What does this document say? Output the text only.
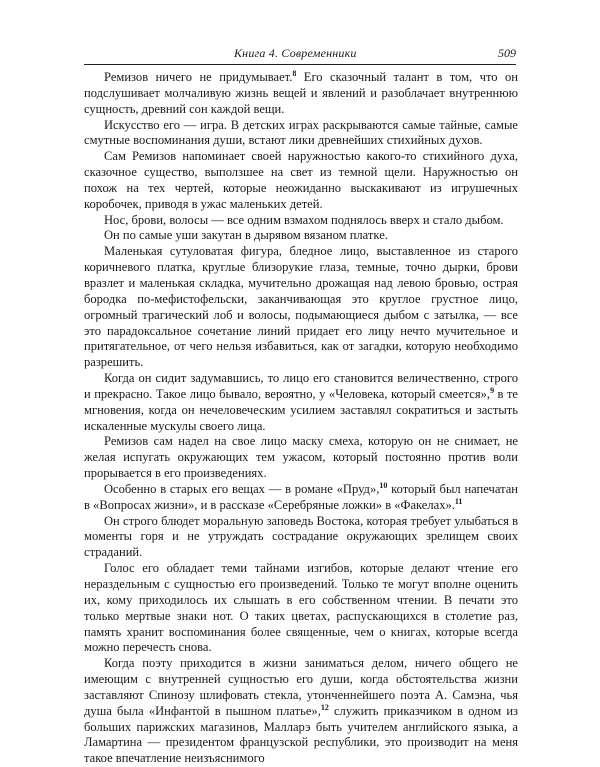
Книга 4. Современники	509

Ремизов ничего не придумывает.$^8$ Его сказочный талант в том, что он подслушивает молчаливую жизнь вещей и явлений и разоблачает внутреннюю сущность, древний сон каждой вещи.

Искусство его — игра. В детских играх раскрываются самые тайные, самые смутные воспоминания души, встают лики древнейших стихийных духов.

Сам Ремизов напоминает своей наружностью какого-то стихийного духа, сказочное существо, выползшее на свет из темной щели. Наружностью он похож на тех чертей, которые неожиданно выскакивают из игрушечных коробочек, приводя в ужас маленьких детей.

Нос, брови, волосы — все одним взмахом поднялось вверх и стало дыбом.

Он по самые уши закутан в дырявом вязаном платке.

Маленькая сутуловатая фигура, бледное лицо, выставленное из старого коричневого платка, круглые близорукие глаза, темные, точно дырки, брови вразлет и маленькая складка, мучительно дрожащая над левою бровью, острая бородка по-мефистофельски, заканчивающая это круглое грустное лицо, огромный трагический лоб и волосы, подымающиеся дыбом с затылка, — все это парадоксальное сочетание линий придает его лицу нечто мучительное и притягательное, от чего нельзя избавиться, как от загадки, которую необходимо разрешить.

Когда он сидит задумавшись, то лицо его становится величественно, строго и прекрасно. Такое лицо бывало, вероятно, у «Человека, который смеется»,$^9$ в те мгновения, когда он нечеловеческим усилием заставлял сократиться и застыть искаленные мускулы своего лица.

Ремизов сам надел на свое лицо маску смеха, которую он не снимает, не желая испугать окружающих тем ужасом, который постоянно против воли прорывается в его произведениях.

Особенно в старых его вещах — в романе «Пруд»,$^{10}$ который был напечатан в «Вопросах жизни», и в рассказе «Серебряные ложки» в «Факелах».$^{11}$

Он строго блюдет моральную заповедь Востока, которая требует улыбаться в моменты горя и не утруждать сострадание окружающих зрелищем своих страданий.

Голос его обладает теми тайнами изгибов, которые делают чтение его нераздельным с сущностью его произведений. Только те могут вполне оценить их, кому приходилось их слышать в его собственном чтении. В печати это только мертвые знаки нот. О таких цветах, распускающихся в столетие раз, память хранит воспоминания более священные, чем о книгах, которые всегда можно перечесть снова.

Когда поэту приходится в жизни заниматься делом, ничего общего не имеющим с внутренней сущностью его души, когда обстоятельства жизни заставляют Спинозу шлифовать стекла, утонченнейшего поэта А. Самэна, чья душа была «Инфантой в пышном платье»,$^{12}$ служить приказчиком в одном из больших парижских магазинов, Малларэ быть учителем английского языка, а Ламартина — президентом французской республики, это производит на меня такое впечатление неизъяснимого
